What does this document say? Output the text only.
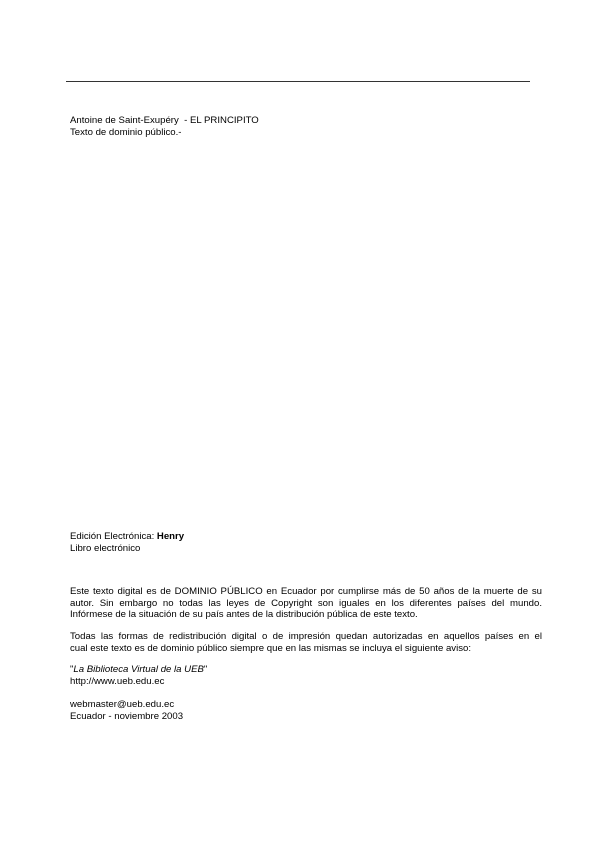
Antoine de Saint-Exupéry  - EL PRINCIPITO
Texto de dominio público.-
Edición Electrónica: Henry
Libro electrónico
Este texto digital es de DOMINIO PÚBLICO en Ecuador por cumplirse más de 50 años de la muerte de su
autor. Sin embargo no todas las leyes de Copyright son iguales en los diferentes países del mundo.
Infórmese de la situación de su país antes de la distribución pública de este texto.
Todas las formas de redistribución digital o de impresión quedan autorizadas en aquellos países en el
cual este texto es de dominio público siempre que en las mismas se incluya el siguiente aviso:
"La Biblioteca Virtual de la UEB"
http://www.ueb.edu.ec
webmaster@ueb.edu.ec
Ecuador - noviembre 2003
